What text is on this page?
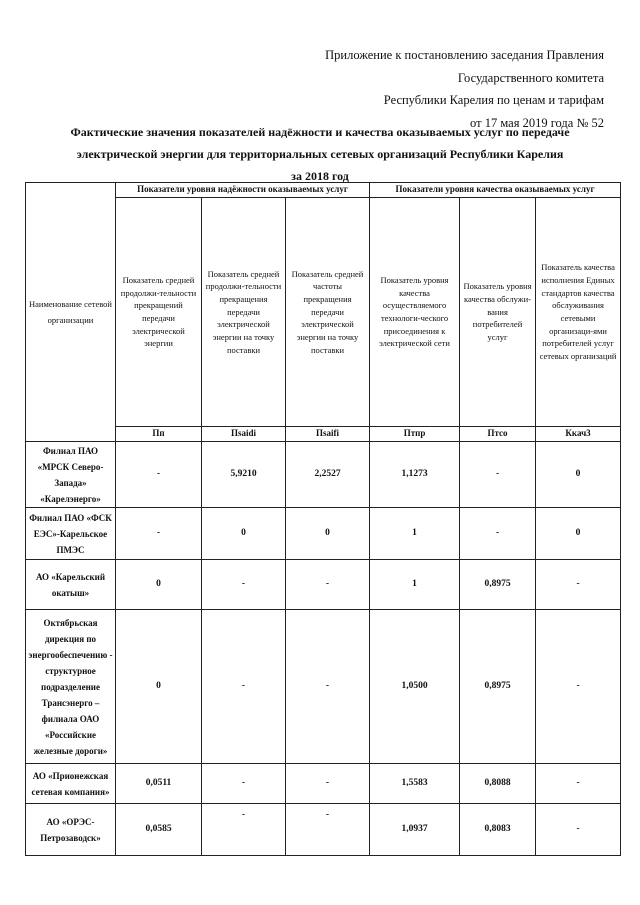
Приложение к постановлению заседания Правления
Государственного комитета
Республики Карелия по ценам и тарифам
от 17 мая 2019 года № 52
Фактические значения показателей надёжности и качества оказываемых услуг по передаче
электрической энергии для территориальных сетевых организаций Республики Карелия
за 2018 год
Наименование сетевой организации	Показатели уровня надёжности оказываемых услуг			Показатели уровня качества оказываемых услуг		
	Показатель средней продолжи-тельности прекращений передачи электрической энергии	Показатель средней продолжи-тельности прекращения передачи электрической энергии на точку поставки	Показатель средней частоты прекращения передачи электрической энергии на точку поставки	Показатель уровня качества осуществляемого технологи-ческого присоединения к электрической сети	Показатель уровня качества обслужи-вания потребителей услуг	Показатель качества исполнения Единых стандартов качества обслуживания сетевыми организаци-ями потребителей услуг сетевых организаций
	Пп	Пsaidi	Пsaifi	Птпр	Птсо	Ккач3
Филиал ПАО «МРСК Северо-Запада» «Карелэнерго»	-	5,9210	2,2527	1,1273	-	0
Филиал ПАО «ФСК ЕЭС»-Карельское ПМЭС	-	0	0	1	-	0
АО «Карельский окатыш»	0	-	-	1	0,8975	-
Октябрьская дирекция по энергообеспечению - структурное подразделение Трансэнерго – филиала ОАО «Российские железные дороги»	0	-	-	1,0500	0,8975	-
АО «Прионежская сетевая компания»	0,0511	-	-	1,5583	0,8088	-
АО «ОРЭС-Петрозаводск»	0,0585	-	-	1,0937	0,8083	-
